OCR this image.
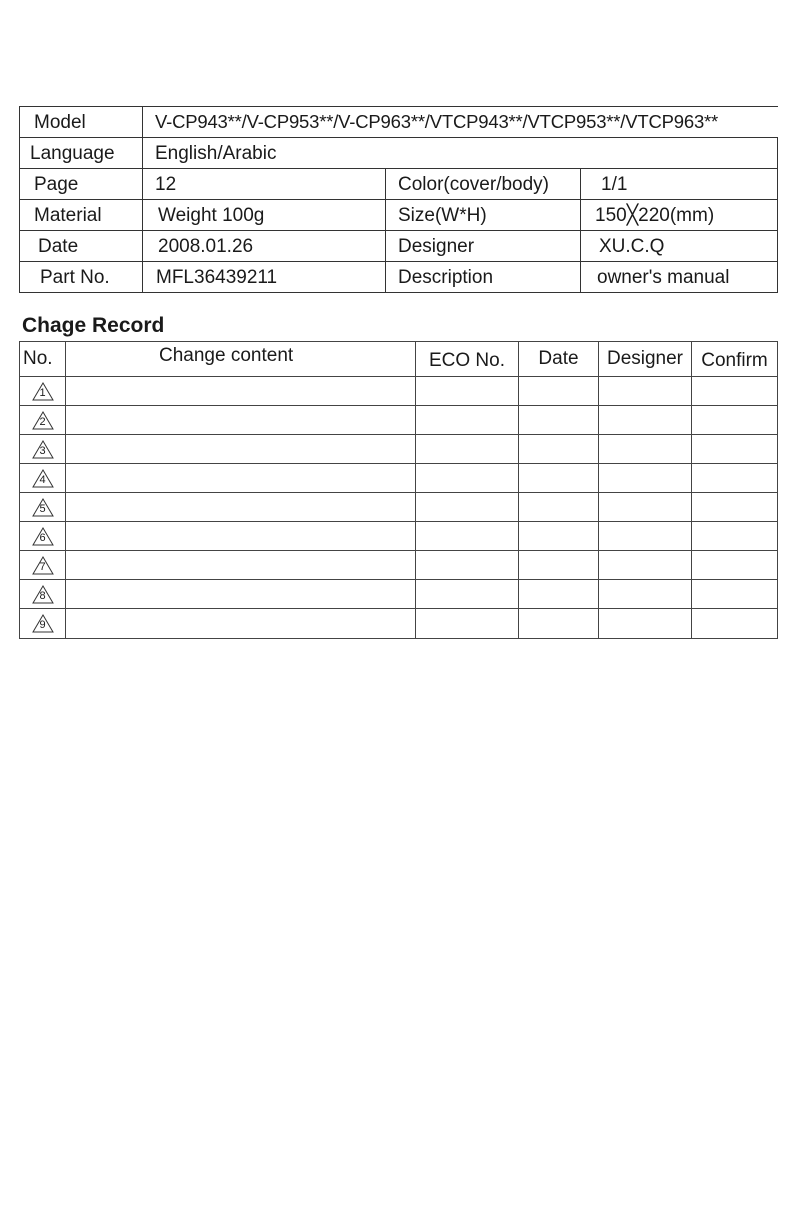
Model	V-CP943**/V-CP953**/V-CP963**/VTCP943**/VTCP953**/VTCP963**		
Language	English/Arabic		
Page	12	Color(cover/body)	1/1
Material	Weight 100g	Size(W*H)	150╳220(mm)
Date	2008.01.26	Designer	XU.C.Q
Part No.	MFL36439211	Description	owner's manual
Chage Record
No.	Change content	ECO No.	Date	Designer	Confirm

1					

2					

3					

4					

5					

6					

7					

8					

9					
